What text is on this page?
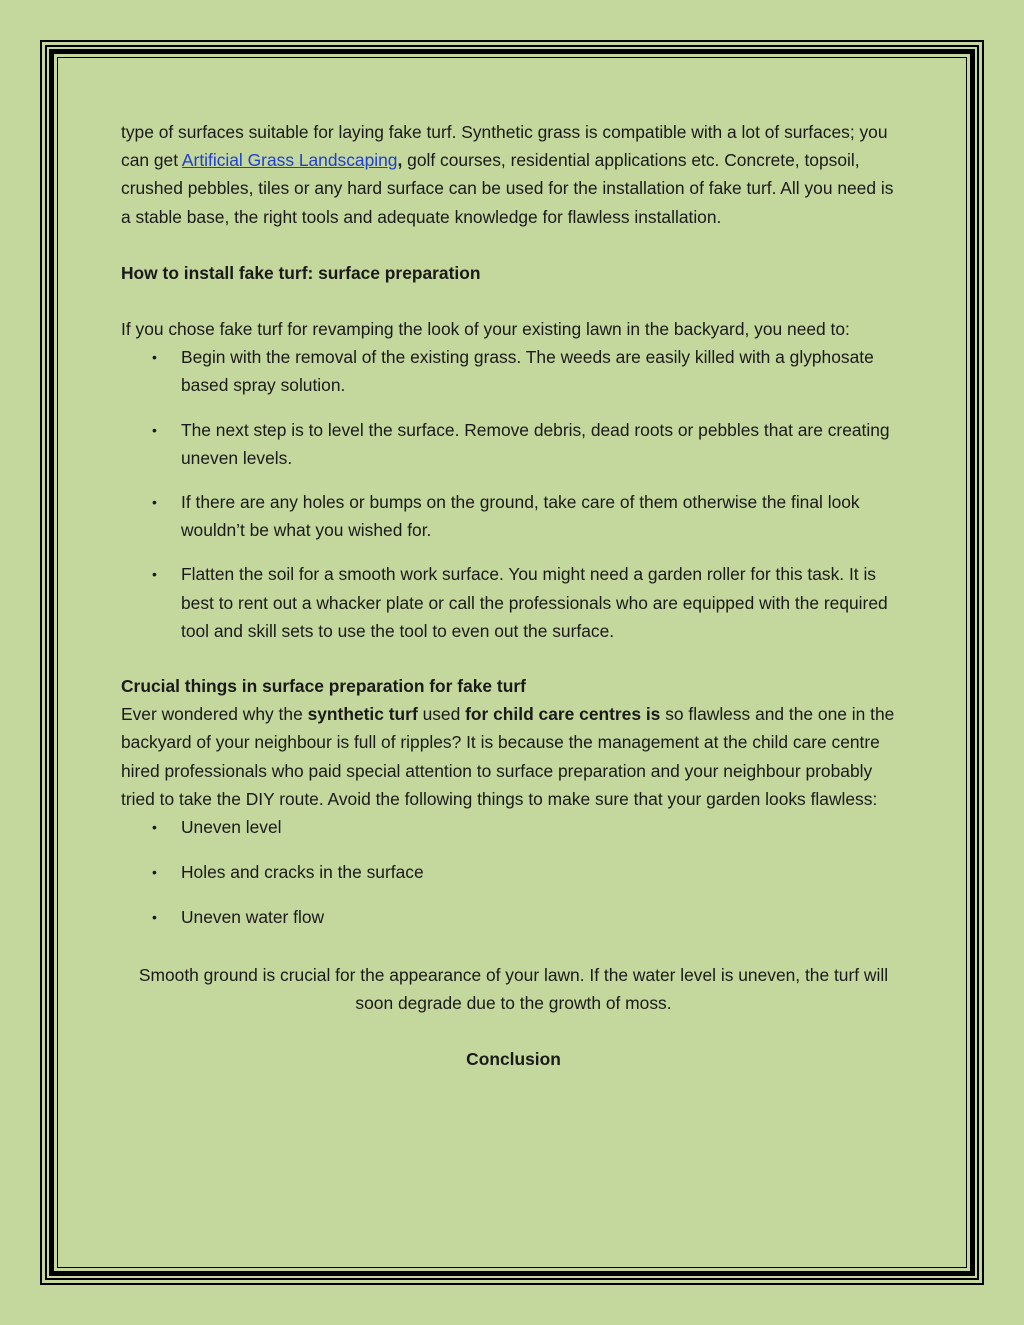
type of surfaces suitable for laying fake turf. Synthetic grass is compatible with a lot of surfaces; you can get Artificial Grass Landscaping, golf courses, residential applications etc. Concrete, topsoil, crushed pebbles, tiles or any hard surface can be used for the installation of fake turf. All you need is a stable base, the right tools and adequate knowledge for flawless installation.

How to install fake turf: surface preparation

If you chose fake turf for revamping the look of your existing lawn in the backyard, you need to:

• Begin with the removal of the existing grass. The weeds are easily killed with a glyphosate based spray solution.
• The next step is to level the surface. Remove debris, dead roots or pebbles that are creating uneven levels.
• If there are any holes or bumps on the ground, take care of them otherwise the final look wouldn’t be what you wished for.
• Flatten the soil for a smooth work surface. You might need a garden roller for this task. It is best to rent out a whacker plate or call the professionals who are equipped with the required tool and skill sets to use the tool to even out the surface.

Crucial things in surface preparation for fake turf

Ever wondered why the synthetic turf used for child care centres is so flawless and the one in the backyard of your neighbour is full of ripples? It is because the management at the child care centre hired professionals who paid special attention to surface preparation and your neighbour probably tried to take the DIY route. Avoid the following things to make sure that your garden looks flawless:

• Uneven level
• Holes and cracks in the surface
• Uneven water flow

Smooth ground is crucial for the appearance of your lawn. If the water level is uneven, the turf will soon degrade due to the growth of moss.

Conclusion
